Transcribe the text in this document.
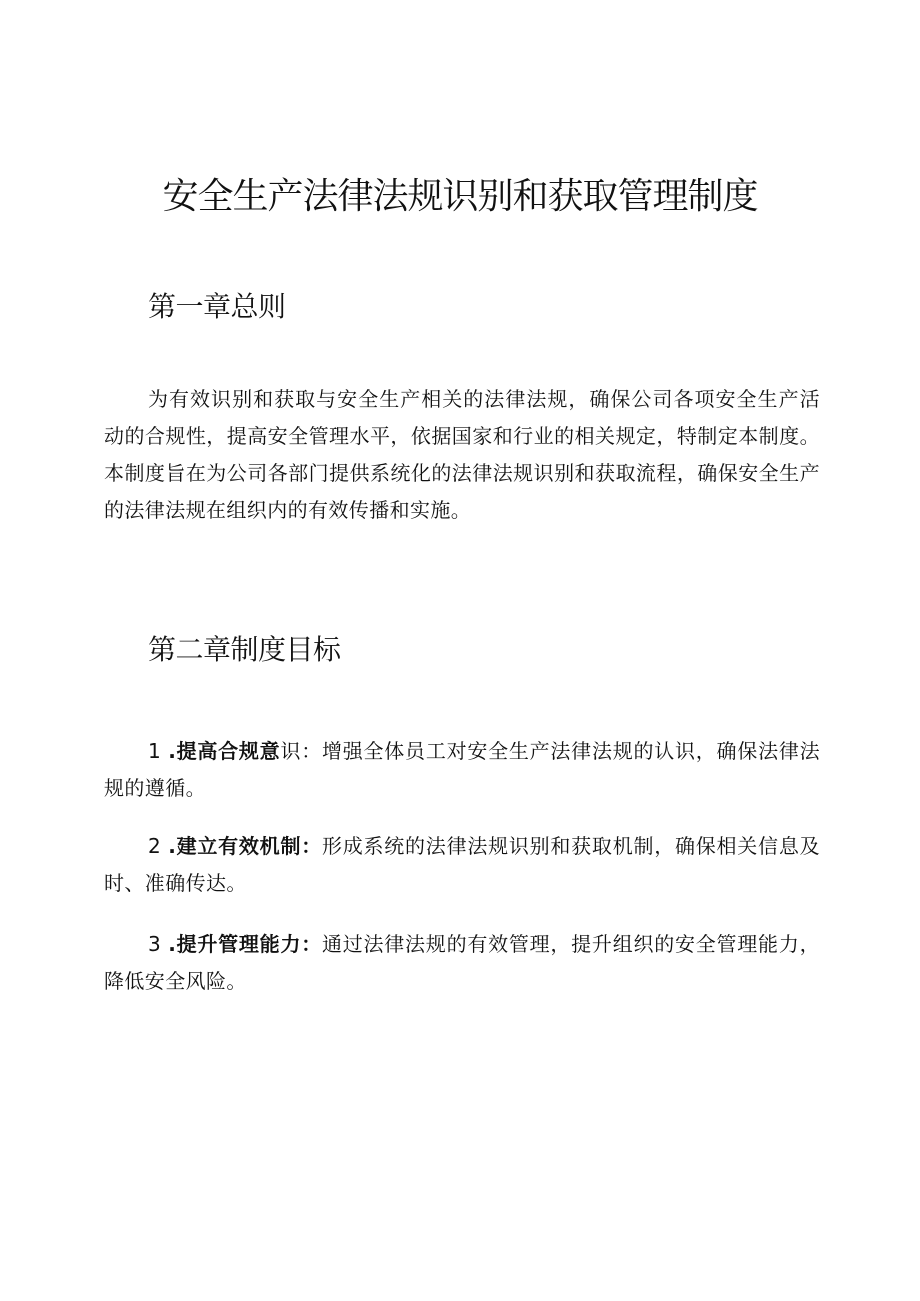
安全生产法律法规识别和获取管理制度
第一章总则

为有效识别和获取与安全生产相关的法律法规，确保公司各项安全生产活动的合规性，提高安全管理水平，依据国家和行业的相关规定，特制定本制度。本制度旨在为公司各部门提供系统化的法律法规识别和获取流程，确保安全生产的法律法规在组织内的有效传播和实施。

第二章制度目标

1 .提高合规意识：增强全体员工对安全生产法律法规的认识，确保法律法规的遵循。

2 .建立有效机制：形成系统的法律法规识别和获取机制，确保相关信息及时、准确传达。

3 .提升管理能力：通过法律法规的有效管理，提升组织的安全管理能力，降低安全风险。
